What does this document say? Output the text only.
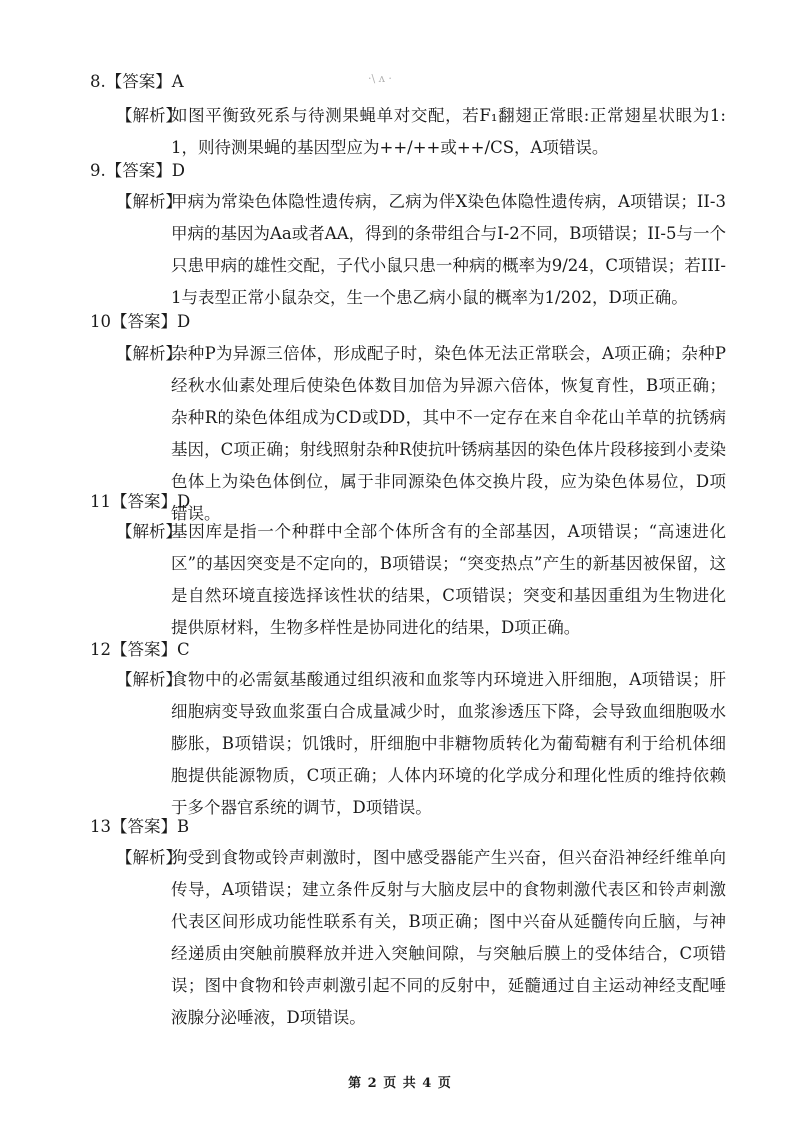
·\ ʌ ·
8.【答案】A
【解析】
如图平衡致死系与待测果蝇单对交配，若F₁翻翅正常眼:正常翅星状眼为1:1，则待测果蝇的基因型应为++/++或++/CS，A项错误。
9.【答案】D
【解析】
甲病为常染色体隐性遗传病，乙病为伴X染色体隐性遗传病，A项错误；II-3甲病的基因为Aa或者AA，得到的条带组合与I-2不同，B项错误；II-5与一个只患甲病的雄性交配，子代小鼠只患一种病的概率为9/24，C项错误；若III-1与表型正常小鼠杂交，生一个患乙病小鼠的概率为1/202，D项正确。
10【答案】D
【解析】
杂种P为异源三倍体，形成配子时，染色体无法正常联会，A项正确；杂种P经秋水仙素处理后使染色体数目加倍为异源六倍体，恢复育性，B项正确；杂种R的染色体组成为CD或DD，其中不一定存在来自伞花山羊草的抗锈病基因，C项正确；射线照射杂种R使抗叶锈病基因的染色体片段移接到小麦染色体上为染色体倒位，属于非同源染色体交换片段，应为染色体易位，D项错误。
11【答案】D
【解析】
基因库是指一个种群中全部个体所含有的全部基因，A项错误；“高速进化区”的基因突变是不定向的，B项错误；“突变热点”产生的新基因被保留，这是自然环境直接选择该性状的结果，C项错误；突变和基因重组为生物进化提供原材料，生物多样性是协同进化的结果，D项正确。
12【答案】C
【解析】
食物中的必需氨基酸通过组织液和血浆等内环境进入肝细胞，A项错误；肝细胞病变导致血浆蛋白合成量减少时，血浆渗透压下降，会导致血细胞吸水膨胀，B项错误；饥饿时，肝细胞中非糖物质转化为葡萄糖有利于给机体细胞提供能源物质，C项正确；人体内环境的化学成分和理化性质的维持依赖于多个器官系统的调节，D项错误。
13【答案】B
【解析】
狗受到食物或铃声刺激时，图中感受器能产生兴奋，但兴奋沿神经纤维单向传导，A项错误；建立条件反射与大脑皮层中的食物刺激代表区和铃声刺激代表区间形成功能性联系有关，B项正确；图中兴奋从延髓传向丘脑，与神经递质由突触前膜释放并进入突触间隙，与突触后膜上的受体结合，C项错误；图中食物和铃声刺激引起不同的反射中，延髓通过自主运动神经支配唾液腺分泌唾液，D项错误。
第 2 页 共 4 页
